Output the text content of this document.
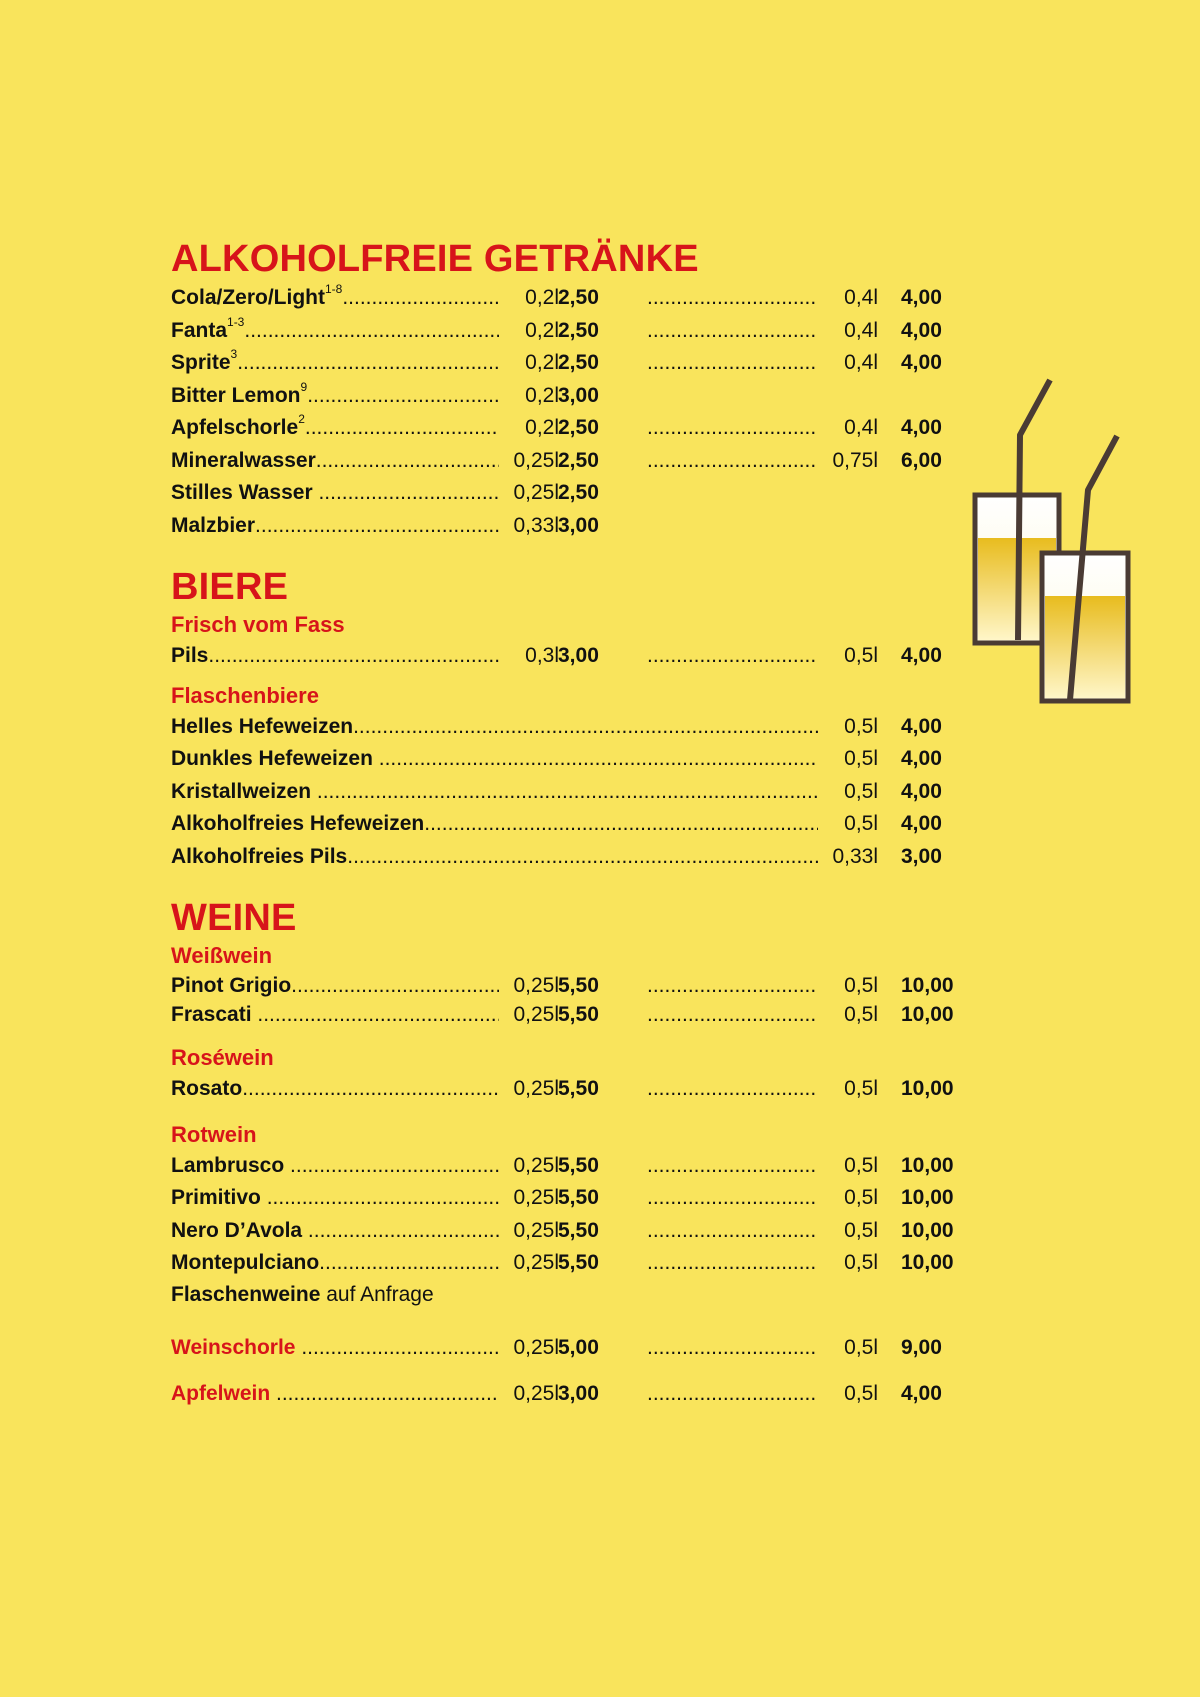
ALKOHOLFREIE GETRÄNKE
Cola/Zero/Light$^{1-8}$ .....	0,2l 2,50 .....	0,4l 4,00
Fanta$^{1-3}$ .....	0,2l 2,50 .....	0,4l 4,00
Sprite$^3$ .....	0,2l 2,50 .....	0,4l 4,00
Bitter Lemon$^9$ .....	0,2l 3,00
Apfelschorle$^2$ .....	0,2l 2,50 .....	0,4l 4,00
Mineralwasser .....	0,25l 2,50 .....	0,75l 6,00
Stilles Wasser .....	0,25l 2,50
Malzbier .....	0,33l 3,00
BIERE
Frisch vom Fass
Pils .....	0,3l 3,00 .....	0,5l 4,00
Flaschenbiere
Helles Hefeweizen .....	0,5l 4,00
Dunkles Hefeweizen .....	0,5l 4,00
Kristallweizen .....	0,5l 4,00
Alkoholfreies Hefeweizen .....	0,5l 4,00
Alkoholfreies Pils .....	0,33l 3,00
WEINE
Weißwein
Pinot Grigio .....	0,25l 5,50 .....	0,5l 10,00
Frascati .....	0,25l 5,50 .....	0,5l 10,00
Roséwein
Rosato .....	0,25l 5,50 .....	0,5l 10,00
Rotwein
Lambrusco .....	0,25l 5,50 .....	0,5l 10,00
Primitivo .....	0,25l 5,50 .....	0,5l 10,00
Nero D’Avola .....	0,25l 5,50 .....	0,5l 10,00
Montepulciano .....	0,25l 5,50 .....	0,5l 10,00
Flaschenweine auf Anfrage
Weinschorle .....	0,25l 5,00 .....	0,5l 9,00
Apfelwein .....	0,25l 3,00 .....	0,5l 4,00
